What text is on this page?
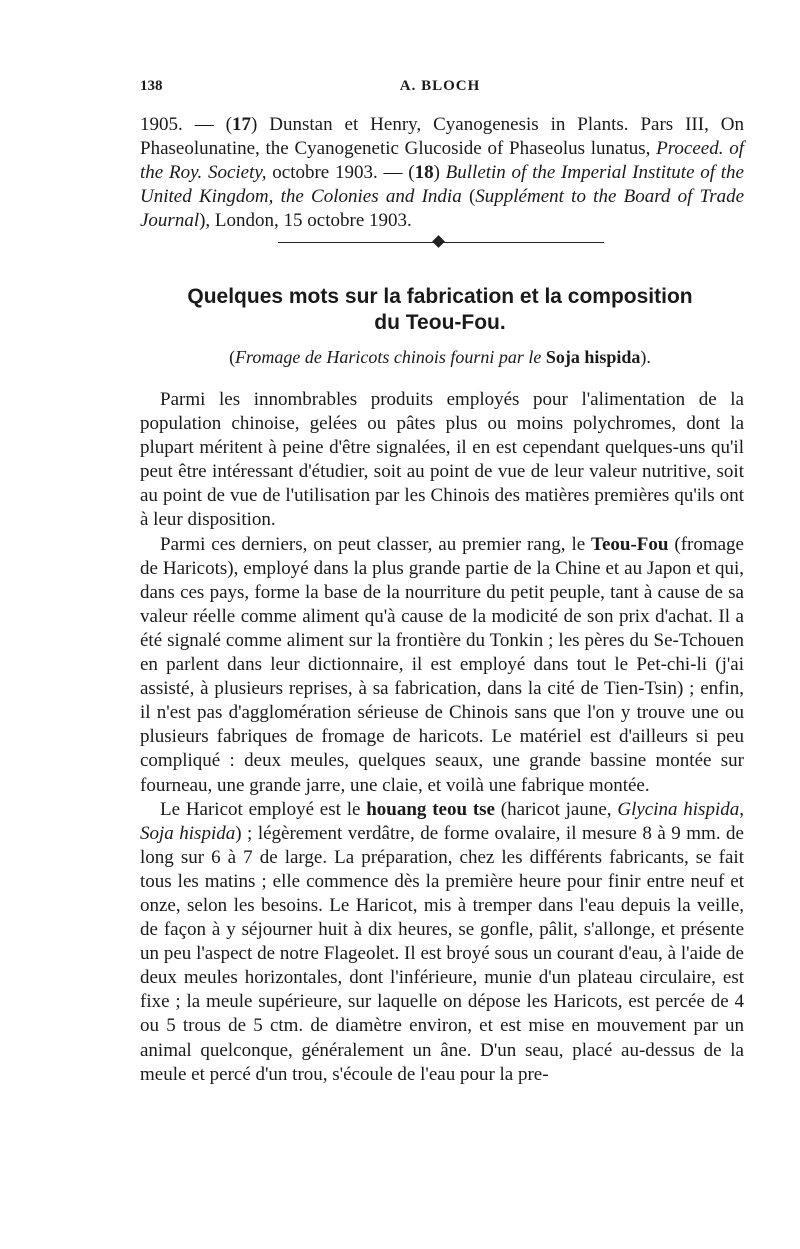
138	A. BLOCH

1905. — (17) Dunstan et Henry, Cyanogenesis in Plants. Pars III, On Phaseolunatine, the Cyanogenetic Glucoside of Phaseolus lunatus, Proceed. of the Roy. Society, octobre 1903. — (18) Bulletin of the Imperial Institute of the United Kingdom, the Colonies and India (Supplément to the Board of Trade Journal), London, 15 octobre 1903.

Quelques mots sur la fabrication et la composition
du Teou-Fou.
(Fromage de Haricots chinois fourni par le Soja hispida).

Parmi les innombrables produits employés pour l'alimentation de la population chinoise, gelées ou pâtes plus ou moins polychromes, dont la plupart méritent à peine d'être signalées, il en est cependant quelques-uns qu'il peut être intéressant d'étudier, soit au point de vue de leur valeur nutritive, soit au point de vue de l'utilisation par les Chinois des matières premières qu'ils ont à leur disposition.

Parmi ces derniers, on peut classer, au premier rang, le Teou-Fou (fromage de Haricots), employé dans la plus grande partie de la Chine et au Japon et qui, dans ces pays, forme la base de la nourriture du petit peuple, tant à cause de sa valeur réelle comme aliment qu'à cause de la modicité de son prix d'achat. Il a été signalé comme aliment sur la frontière du Tonkin ; les pères du Se-Tchouen en parlent dans leur dictionnaire, il est employé dans tout le Pet-chi-li (j'ai assisté, à plusieurs reprises, à sa fabrication, dans la cité de Tien-Tsin) ; enfin, il n'est pas d'agglomération sérieuse de Chinois sans que l'on y trouve une ou plusieurs fabriques de fromage de haricots. Le matériel est d'ailleurs si peu compliqué : deux meules, quelques seaux, une grande bassine montée sur fourneau, une grande jarre, une claie, et voilà une fabrique montée.

Le Haricot employé est le houang teou tse (haricot jaune, Glycina hispida, Soja hispida) ; légèrement verdâtre, de forme ovalaire, il mesure 8 à 9 mm. de long sur 6 à 7 de large. La préparation, chez les différents fabricants, se fait tous les matins ; elle commence dès la première heure pour finir entre neuf et onze, selon les besoins. Le Haricot, mis à tremper dans l'eau depuis la veille, de façon à y séjourner huit à dix heures, se gonfle, pâlit, s'allonge, et présente un peu l'aspect de notre Flageolet. Il est broyé sous un courant d'eau, à l'aide de deux meules horizontales, dont l'inférieure, munie d'un plateau circulaire, est fixe ; la meule supérieure, sur laquelle on dépose les Haricots, est percée de 4 ou 5 trous de 5 ctm. de diamètre environ, et est mise en mouvement par un animal quelconque, généralement un âne. D'un seau, placé au-dessus de la meule et percé d'un trou, s'écoule de l'eau pour la pre-
